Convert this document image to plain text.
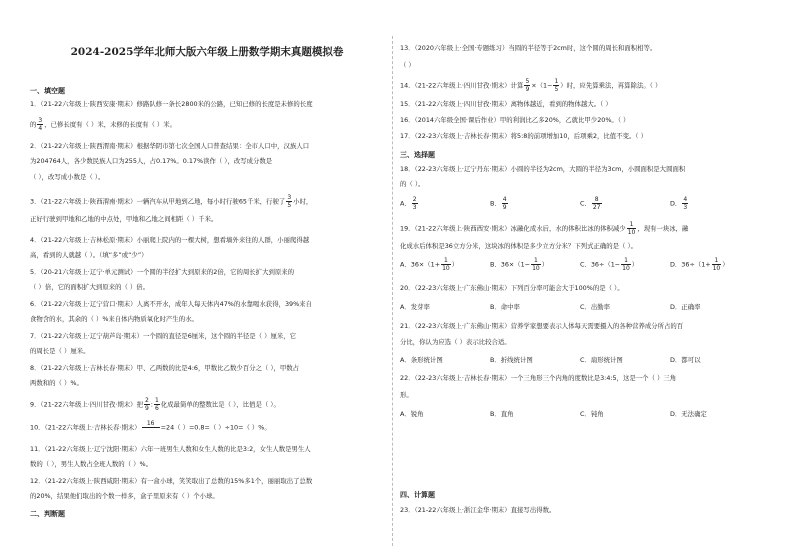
2024-2025学年北师大版六年级上册数学期末真题模拟卷
一、填空题
1．（21-22六年级上·陕西安康·期末）修路队修一条长2800米的公路，已知已修的长度是未修的长度
的 $\frac{3}{4}$ ，已修长度有（ ）米，未修的长度有（ ）米。
2．（21-22六年级上·陕西渭南·期末）根据华阴市第七次全国人口普查结果：全市人口中，汉族人口
为204764人，各少数民族人口为255人，占0.17%。0.17%读作（ ），改写成分数是
（ ），改写成小数是（ ）。
3．（21-22六年级上·陕西渭南·期末）一辆汽车从甲地到乙地，每小时行驶65千米，行驶了 $\frac{3}{5}$ 小时，
正好行驶到甲地和乙地的中点处，甲地和乙地之间相距（ ）千米。
4．（21-22六年级上·吉林松原·期末）小丽爬上院内的一棵大树，想看墙外来往的人群，小丽爬得越
高，看到的人就越（ ）。（填“多”或“少”）
5．（20-21六年级上·辽宁·单元测试）一个圆的半径扩大到原来的2倍，它的周长扩大到原来的
（ ）倍，它的面积扩大到原来的（ ）倍。
6．（21-22六年级上·辽宁营口·期末）人离不开水，成年人每天体内47%的水靠喝水获得，39%来自
食物含的水，其余的（ ）%来自体内物质氧化时产生的水。
7．（21-22六年级上·辽宁葫芦岛·期末）一个圆的直径是6厘米，这个圆的半径是（ ）厘米，它
的周长是（ ）厘米。
8．（21-22六年级上·吉林长春·期末）甲、乙两数的比是4:6，甲数比乙数少百分之（ ），甲数占
两数和的（ ）%。
9．（21-22六年级上·四川甘孜·期末）把 $\frac{2}{9}$ : $\frac{1}{6}$ 化成最简单的整数比是（ ），比值是（ ）。
10．（21-22六年级上·吉林长春·期末）	16
=24（ ）=0.8=（ ）÷10=（ ）%。
11．（21-22六年级上·辽宁沈阳·期末）六年一班男生人数和女生人数的比是3:2，女生人数是男生人
数的（ ），男生人数占全班人数的（ ）%。
12．（21-22六年级上·陕西咸阳·期末）有一盒小球，笑笑取出了总数的15%多1个，丽丽取出了总数
的20%，结果他们取出的个数一样多，盒子里原来有（ ）个小球。
二、判断题
13．（2020六年级上·全国·专题练习）当圆的半径等于2cm时，这个圆的周长和面积相等。
（ ）
14．（21-22六年级上·四川甘孜·期末）计算 $\frac{5}{9} \times(1- \frac{1}{5}$ ）时，应先算乘法，再算除法。（ ）
15．（21-22六年级上·四川甘孜·期末）离物体越近，看到的物体越大。（ ）
16．（2014六年级全国·课后作业）甲的利润比乙多20%，乙就比甲少20%。（ ）
17．（22-23六年级上·吉林长春·期末）将5:8的前项增加10，后项乘2，比值不变。（ ）
三、选择题
18．（22-23六年级上·辽宁丹东·期末）小圆的半径为2cm，大圆的半径为3cm，小圆面积是大圆面积
的（ ）。
A． $\frac{2}{3}$	B． $\frac{4}{9}$	C． $\frac{8}{27}$	D． $\frac{4}{3}$
19．（21-22六年级上·陕西西安·期末）冰融化成水后，水的体积比冰的体积减少 $\frac{1}{10}$ ，现有一块冰，融
化成水后体积是36立方分米，这块冰的体积是多少立方分米？下列式正确的是（ ）。
A．$36\times(1+ \frac{1}{10}$ ）	B．$36\times(1- \frac{1}{10}$ ）	C．$36\div(1- \frac{1}{10}$ ）	D．$36\div(1+ \frac{1}{10}$ ）
20．（22-23六年级上·广东佛山·期末）下列百分率可能会大于100%的是（ ）。
A．发芽率	B．命中率	C．出勤率	D．正确率
21．（22-23六年级上·广东佛山·期末）营养学家想要表示人体每天需要摄入的各种营养成分所占的百
分比，你认为应选（ ）表示比较合适。
A．条形统计图	B．折线统计图	C．扇形统计图	D．都可以
22．（22-23六年级上·吉林长春·期末）一个三角形三个内角的度数比是3:4:5，这是一个（ ）三角
形。
A．锐角	B．直角	C．钝角	D．无法确定
四、计算题
23．（21-22六年级上·浙江金华·期末）直接写出得数。
